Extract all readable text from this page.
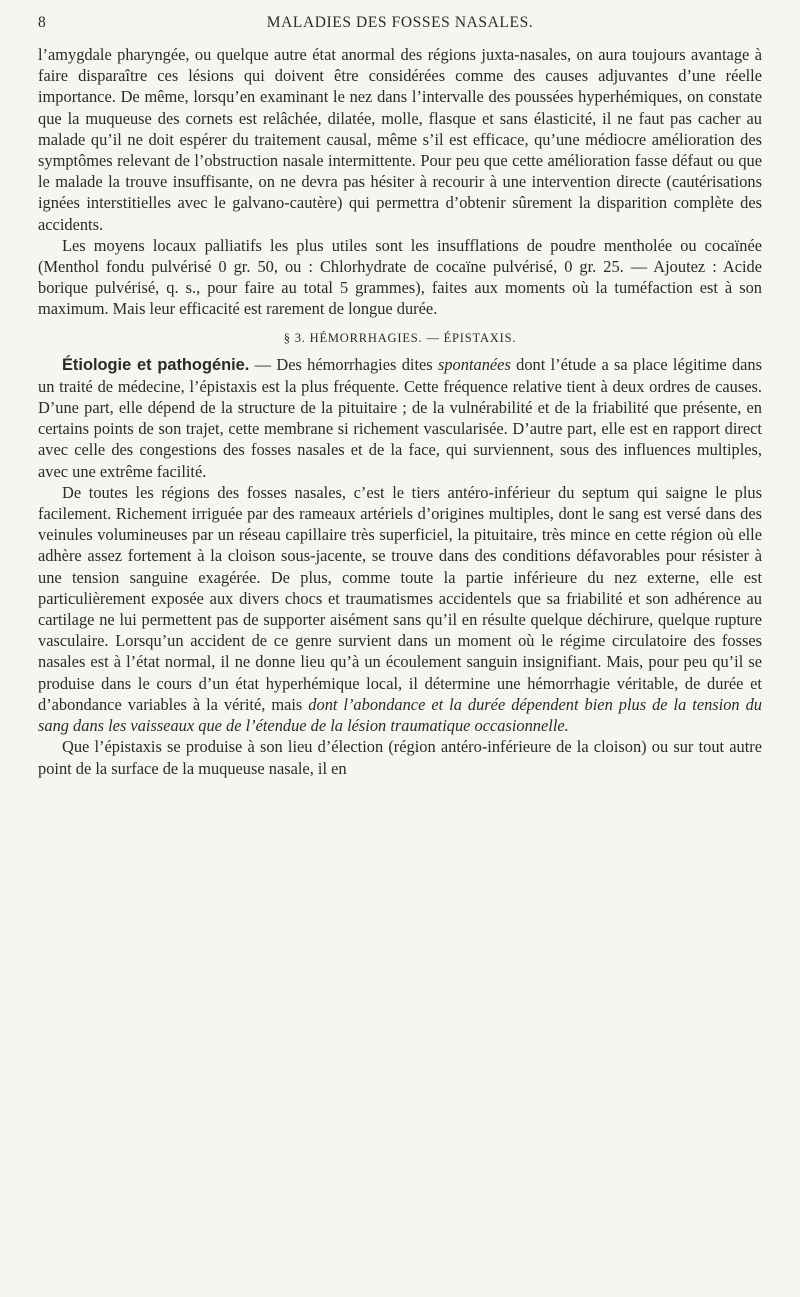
8	MALADIES DES FOSSES NASALES.

l’amygdale pharyngée, ou quelque autre état anormal des régions juxta-nasales, on aura toujours avantage à faire disparaître ces lésions qui doivent être considérées comme des causes adjuvantes d’une réelle importance. De même, lorsqu’en examinant le nez dans l’intervalle des poussées hyperhémiques, on constate que la muqueuse des cornets est relâchée, dilatée, molle, flasque et sans élasticité, il ne faut pas cacher au malade qu’il ne doit espérer du traitement causal, même s’il est efficace, qu’une médiocre amélioration des symptômes relevant de l’obstruction nasale intermittente. Pour peu que cette amélioration fasse défaut ou que le malade la trouve insuffisante, on ne devra pas hésiter à recourir à une intervention directe (cautérisations ignées interstitielles avec le galvano-cautère) qui permettra d’obtenir sûrement la disparition complète des accidents.

Les moyens locaux palliatifs les plus utiles sont les insufflations de poudre mentholée ou cocaïnée (Menthol fondu pulvérisé 0 gr. 50, ou : Chlorhydrate de cocaïne pulvérisé, 0 gr. 25. — Ajoutez : Acide borique pulvérisé, q. s., pour faire au total 5 grammes), faites aux moments où la tuméfaction est à son maximum. Mais leur efficacité est rarement de longue durée.

§ 3. HÉMORRHAGIES. — ÉPISTAXIS.

Étiologie et pathogénie. — Des hémorrhagies dites spontanées dont l’étude a sa place légitime dans un traité de médecine, l’épistaxis est la plus fréquente. Cette fréquence relative tient à deux ordres de causes. D’une part, elle dépend de la structure de la pituitaire ; de la vulnérabilité et de la friabilité que présente, en certains points de son trajet, cette membrane si richement vascularisée. D’autre part, elle est en rapport direct avec celle des congestions des fosses nasales et de la face, qui surviennent, sous des influences multiples, avec une extrême facilité.

De toutes les régions des fosses nasales, c’est le tiers antéro-inférieur du septum qui saigne le plus facilement. Richement irriguée par des rameaux artériels d’origines multiples, dont le sang est versé dans des veinules volumineuses par un réseau capillaire très superficiel, la pituitaire, très mince en cette région où elle adhère assez fortement à la cloison sous-jacente, se trouve dans des conditions défavorables pour résister à une tension sanguine exagérée. De plus, comme toute la partie inférieure du nez externe, elle est particulièrement exposée aux divers chocs et traumatismes accidentels que sa friabilité et son adhérence au cartilage ne lui permettent pas de supporter aisément sans qu’il en résulte quelque déchirure, quelque rupture vasculaire. Lorsqu’un accident de ce genre survient dans un moment où le régime circulatoire des fosses nasales est à l’état normal, il ne donne lieu qu’à un écoulement sanguin insignifiant. Mais, pour peu qu’il se produise dans le cours d’un état hyperhémique local, il détermine une hémorrhagie véritable, de durée et d’abondance variables à la vérité, mais dont l’abondance et la durée dépendent bien plus de la tension du sang dans les vaisseaux que de l’étendue de la lésion traumatique occasionnelle.

Que l’épistaxis se produise à son lieu d’élection (région antéro-inférieure de la cloison) ou sur tout autre point de la surface de la muqueuse nasale, il en
